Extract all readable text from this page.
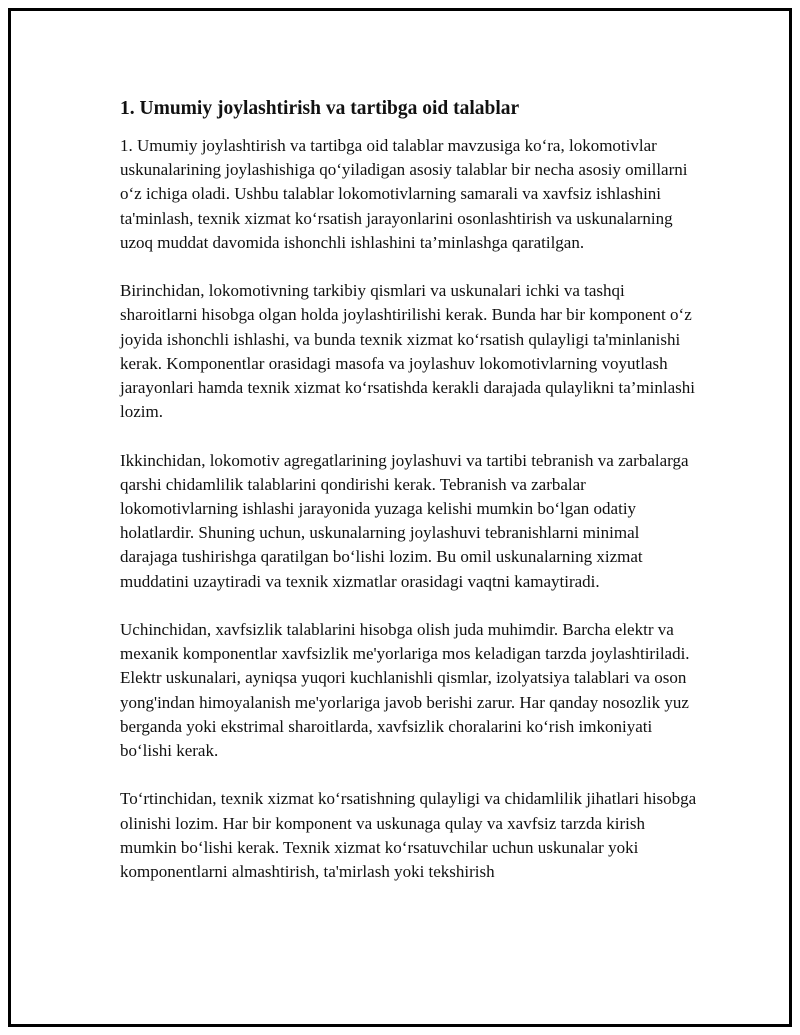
1. Umumiy joylashtirish va tartibga oid talablar

1. Umumiy joylashtirish va tartibga oid talablar mavzusiga ko‘ra, lokomotivlar uskunalarining joylashishiga qo‘yiladigan asosiy talablar bir necha asosiy omillarni o‘z ichiga oladi. Ushbu talablar lokomotivlarning samarali va xavfsiz ishlashini ta'minlash, texnik xizmat ko‘rsatish jarayonlarini osonlashtirish va uskunalarning uzoq muddat davomida ishonchli ishlashini ta’minlashga qaratilgan.

Birinchidan, lokomotivning tarkibiy qismlari va uskunalari ichki va tashqi sharoitlarni hisobga olgan holda joylashtirilishi kerak. Bunda har bir komponent o‘z joyida ishonchli ishlashi, va bunda texnik xizmat ko‘rsatish qulayligi ta'minlanishi kerak. Komponentlar orasidagi masofa va joylashuv lokomotivlarning voyutlash jarayonlari hamda texnik xizmat ko‘rsatishda kerakli darajada qulaylikni ta’minlashi lozim.

Ikkinchidan, lokomotiv agregatlarining joylashuvi va tartibi tebranish va zarbalarga qarshi chidamlilik talablarini qondirishi kerak. Tebranish va zarbalar lokomotivlarning ishlashi jarayonida yuzaga kelishi mumkin bo‘lgan odatiy holatlardir. Shuning uchun, uskunalarning joylashuvi tebranishlarni minimal darajaga tushirishga qaratilgan bo‘lishi lozim. Bu omil uskunalarning xizmat muddatini uzaytiradi va texnik xizmatlar orasidagi vaqtni kamaytiradi.

Uchinchidan, xavfsizlik talablarini hisobga olish juda muhimdir. Barcha elektr va mexanik komponentlar xavfsizlik me'yorlariga mos keladigan tarzda joylashtiriladi. Elektr uskunalari, ayniqsa yuqori kuchlanishli qismlar, izolyatsiya talablari va oson yong'indan himoyalanish me'yorlariga javob berishi zarur. Har qanday nosozlik yuz berganda yoki ekstrimal sharoitlarda, xavfsizlik choralarini ko‘rish imkoniyati bo‘lishi kerak.

To‘rtinchidan, texnik xizmat ko‘rsatishning qulayligi va chidamlilik jihatlari hisobga olinishi lozim. Har bir komponent va uskunaga qulay va xavfsiz tarzda kirish mumkin bo‘lishi kerak. Texnik xizmat ko‘rsatuvchilar uchun uskunalar yoki komponentlarni almashtirish, ta'mirlash yoki tekshirish
